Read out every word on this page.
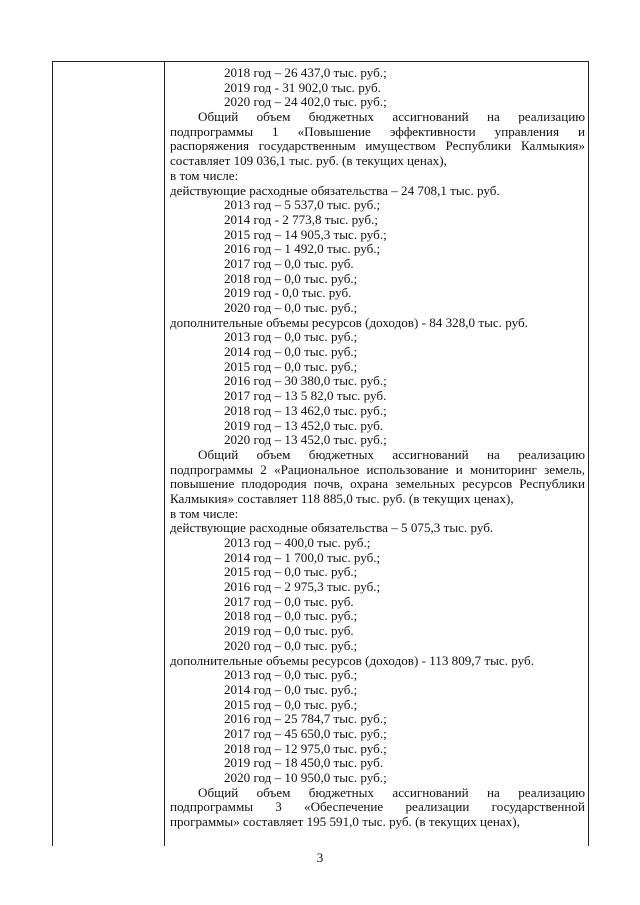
2018 год – 26 437,0 тыс. руб.;
2019 год - 31 902,0 тыс. руб.
2020 год – 24 402,0 тыс. руб.;
Общий объем бюджетных ассигнований на реализацию
подпрограммы 1 «Повышение эффективности управления и
распоряжения государственным имуществом Республики Калмыкия»
составляет 109 036,1 тыс. руб. (в текущих ценах),
в том числе:
действующие расходные обязательства – 24 708,1 тыс. руб.
2013 год – 5 537,0 тыс. руб.;
2014 год - 2 773,8 тыс. руб.;
2015 год – 14 905,3 тыс. руб.;
2016 год – 1 492,0 тыс. руб.;
2017 год – 0,0 тыс. руб.
2018 год – 0,0 тыс. руб.;
2019 год - 0,0 тыс. руб.
2020 год – 0,0 тыс. руб.;
дополнительные объемы ресурсов (доходов) - 84 328,0 тыс. руб.
2013 год – 0,0 тыс. руб.;
2014 год – 0,0 тыс. руб.;
2015 год – 0,0 тыс. руб.;
2016 год – 30 380,0 тыс. руб.;
2017 год – 13 5 82,0 тыс. руб.
2018 год – 13 462,0 тыс. руб.;
2019 год – 13 452,0 тыс. руб.
2020 год – 13 452,0 тыс. руб.;
Общий объем бюджетных ассигнований на реализацию
подпрограммы 2 «Рациональное использование и мониторинг земель,
повышение плодородия почв, охрана земельных ресурсов Республики
Калмыкия» составляет 118 885,0 тыс. руб. (в текущих ценах),
в том числе:
действующие расходные обязательства – 5 075,3 тыс. руб.
2013 год – 400,0 тыс. руб.;
2014 год – 1 700,0 тыс. руб.;
2015 год – 0,0 тыс. руб.;
2016 год – 2 975,3 тыс. руб.;
2017 год – 0,0 тыс. руб.
2018 год – 0,0 тыс. руб.;
2019 год – 0,0 тыс. руб.
2020 год – 0,0 тыс. руб.;
дополнительные объемы ресурсов (доходов) - 113 809,7 тыс. руб.
2013 год – 0,0 тыс. руб.;
2014 год – 0,0 тыс. руб.;
2015 год – 0,0 тыс. руб.;
2016 год – 25 784,7 тыс. руб.;
2017 год – 45 650,0 тыс. руб.;
2018 год – 12 975,0 тыс. руб.;
2019 год – 18 450,0 тыс. руб.
2020 год – 10 950,0 тыс. руб.;
Общий объем бюджетных ассигнований на реализацию
подпрограммы 3 «Обеспечение реализации государственной
программы» составляет 195 591,0 тыс. руб. (в текущих ценах),
3
